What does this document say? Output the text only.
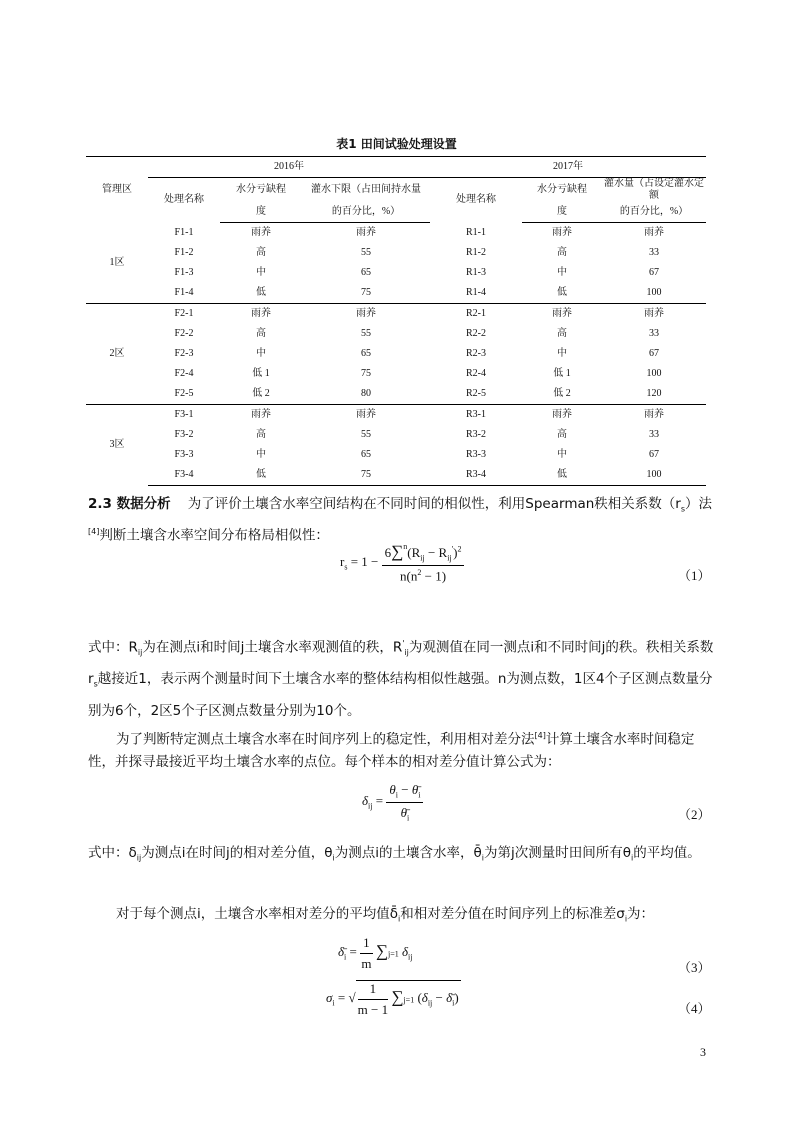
表1 田间试验处理设置
管理区	2016年			2017年		
	处理名称	水分亏缺程	灌水下限（占田间持水量	处理名称	水分亏缺程	灌水量（占设定灌水定额
		度	的百分比，%）		度	的百分比，%）
1区	F1-1	雨养	雨养	R1-1	雨养	雨养
	F1-2	高	55	R1-2	高	33
	F1-3	中	65	R1-3	中	67
	F1-4	低	75	R1-4	低	100
2区	F2-1	雨养	雨养	R2-1	雨养	雨养
	F2-2	高	55	R2-2	高	33
	F2-3	中	65	R2-3	中	67
	F2-4	低 1	75	R2-4	低 1	100
	F2-5	低 2	80	R2-5	低 2	120
3区	F3-1	雨养	雨养	R3-1	雨养	雨养
	F3-2	高	55	R3-2	高	33
	F3-3	中	65	R3-3	中	67
	F3-4	低	75	R3-4	低	100
2.3 数据分析 为了评价土壤含水率空间结构在不同时间的相似性，利用Spearman秩相关系数$(r_s)$法
[4]判断土壤含水率空间分布格局相似性：
$r_s = 1 - \frac{6\sum^n(R_{ij} - R_{ij}')^2}{n(n^2 - 1)}$	（1）
式中：$R_{ij}$为在测点i和时间j土壤含水率观测值的秩，$R'_{ij}$为观测值在同一测点i和不同时间j的秩。秩相关系数$r_s$越接近1，表示两个测量时间下土壤含水率的整体结构相似性越强。n为测点数，1区4个子区测点数量分别为6个，2区5个子区测点数量分别为10个。
为了判断特定测点土壤含水率在时间序列上的稳定性，利用相对差分法[4]计算土壤含水率时间稳定性，并探寻最接近平均土壤含水率的点位。每个样本的相对差分值计算公式为：
$\delta_{ij} = \frac{\theta_i - \thetā_i}{\thetā_i}$	（2）
式中：$\delta_{ij}$为测点i在时间j的相对差分值，$\theta_i$为测点i的土壤含水率，$\thetā_i$为第j次测量时田间所有$\theta_i$的平均值。
对于每个测点i，土壤含水率相对差分的平均值$\deltā_i$和相对差分值在时间序列上的标准差$\sigma_i$为：
$\deltā_i = \frac{1}{m} \sum j=1$ $\delta_{ij}$
（3）
$\sigma_i$ = √ $\frac{1}{m - 1} \sum j=1$ ($\delta_{ij}$ − $\deltā_i$)
（4）
3
